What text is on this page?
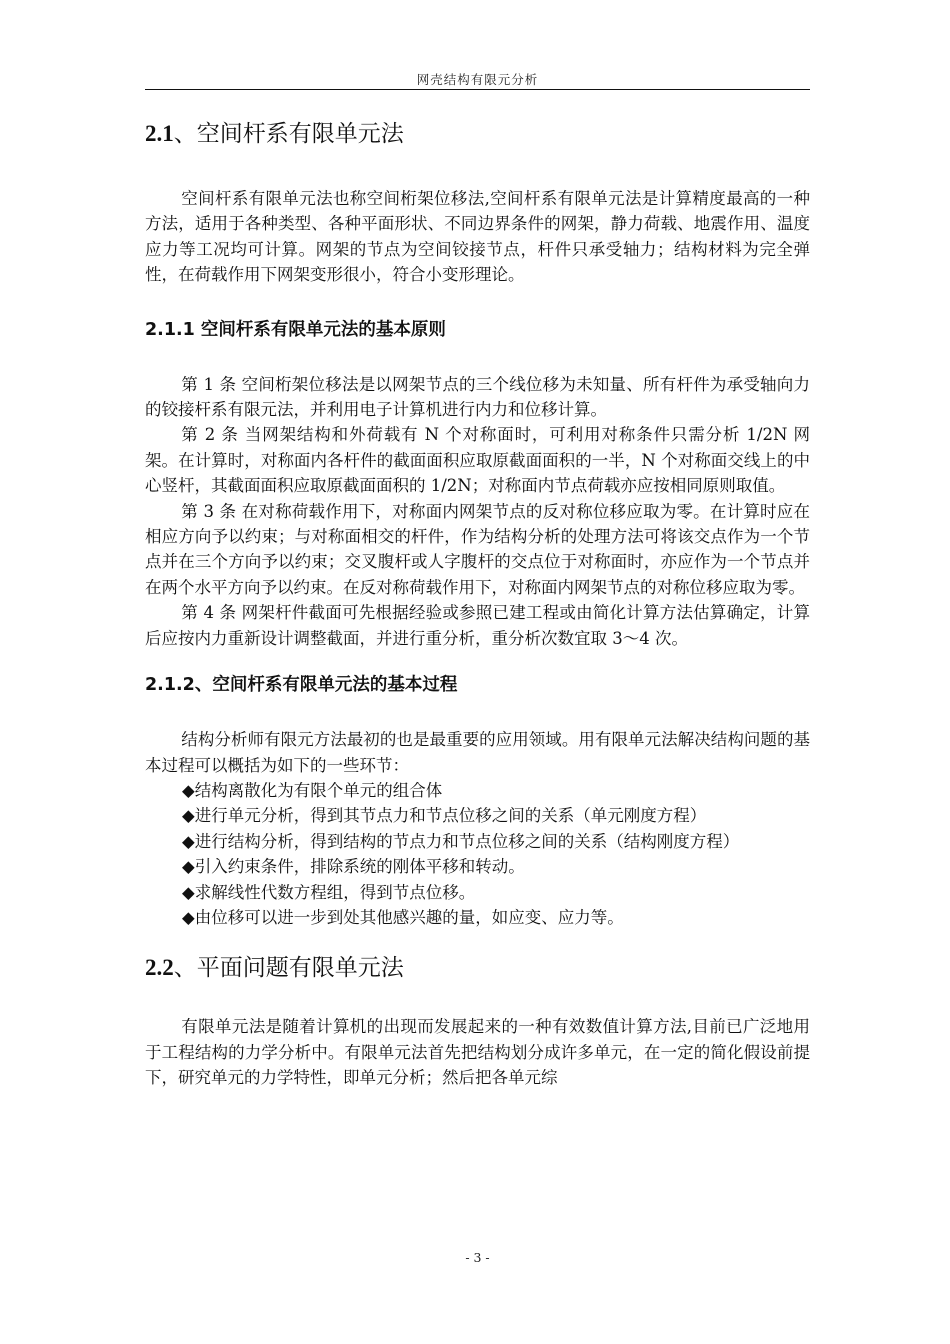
网壳结构有限元分析
2.1、空间杆系有限单元法

空间杆系有限单元法也称空间桁架位移法,空间杆系有限单元法是计算精度最高的一种方法，适用于各种类型、各种平面形状、不同边界条件的网架，静力荷载、地震作用、温度应力等工况均可计算。网架的节点为空间铰接节点，杆件只承受轴力；结构材料为完全弹性，在荷载作用下网架变形很小，符合小变形理论。

2.1.1 空间杆系有限单元法的基本原则

第 1 条 空间桁架位移法是以网架节点的三个线位移为未知量、所有杆件为承受轴向力的铰接杆系有限元法，并利用电子计算机进行内力和位移计算。

第 2 条 当网架结构和外荷载有 N 个对称面时，可利用对称条件只需分析 1/2N 网架。在计算时，对称面内各杆件的截面面积应取原截面面积的一半，N 个对称面交线上的中心竖杆，其截面面积应取原截面面积的 1/2N；对称面内节点荷载亦应按相同原则取值。

第 3 条 在对称荷载作用下，对称面内网架节点的反对称位移应取为零。在计算时应在相应方向予以约束；与对称面相交的杆件，作为结构分析的处理方法可将该交点作为一个节点并在三个方向予以约束；交叉腹杆或人字腹杆的交点位于对称面时，亦应作为一个节点并在两个水平方向予以约束。在反对称荷载作用下，对称面内网架节点的对称位移应取为零。

第 4 条 网架杆件截面可先根据经验或参照已建工程或由简化计算方法估算确定，计算后应按内力重新设计调整截面，并进行重分析，重分析次数宜取 3～4 次。

2.1.2、空间杆系有限单元法的基本过程

结构分析师有限元方法最初的也是最重要的应用领域。用有限单元法解决结构问题的基本过程可以概括为如下的一些环节：

◆结构离散化为有限个单元的组合体
◆进行单元分析，得到其节点力和节点位移之间的关系（单元刚度方程）
◆进行结构分析，得到结构的节点力和节点位移之间的关系（结构刚度方程）
◆引入约束条件，排除系统的刚体平移和转动。
◆求解线性代数方程组，得到节点位移。
◆由位移可以进一步到处其他感兴趣的量，如应变、应力等。
2.2、平面问题有限单元法

有限单元法是随着计算机的出现而发展起来的一种有效数值计算方法,目前已广泛地用于工程结构的力学分析中。有限单元法首先把结构划分成许多单元，在一定的简化假设前提下，研究单元的力学特性，即单元分析；然后把各单元综

- 3 -
